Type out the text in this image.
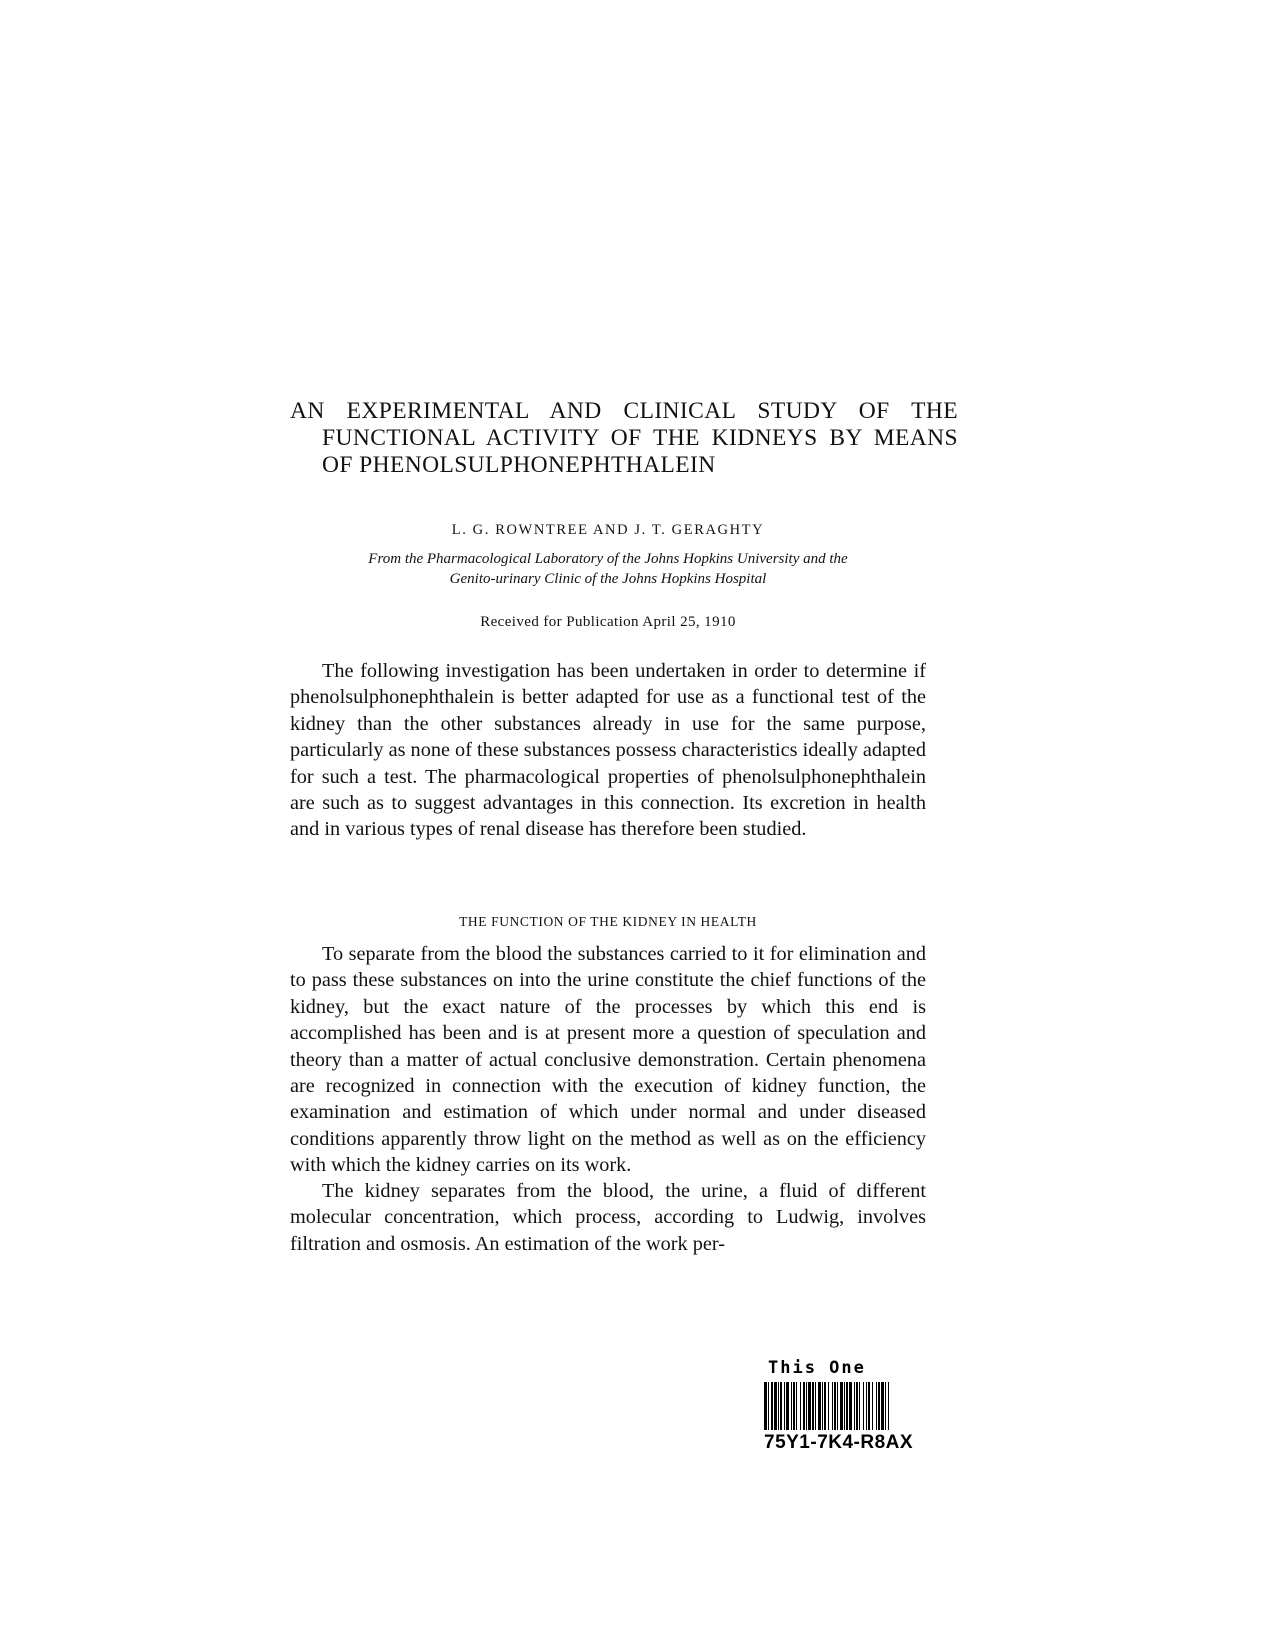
AN EXPERIMENTAL AND CLINICAL STUDY OF THE FUNCTIONAL ACTIVITY OF THE KIDNEYS BY MEANS OF PHENOLSULPHONEPHTHALEIN
L. G. ROWNTREE AND J. T. GERAGHTY
From the Pharmacological Laboratory of the Johns Hopkins University and the
Genito-urinary Clinic of the Johns Hopkins Hospital
Received for Publication April 25, 1910

The following investigation has been undertaken in order to determine if phenolsulphonephthalein is better adapted for use as a functional test of the kidney than the other substances already in use for the same purpose, particularly as none of these substances possess characteristics ideally adapted for such a test. The pharmacological properties of phenolsulphonephthalein are such as to suggest advantages in this connection. Its excretion in health and in various types of renal disease has therefore been studied.

THE FUNCTION OF THE KIDNEY IN HEALTH

To separate from the blood the substances carried to it for elimination and to pass these substances on into the urine constitute the chief functions of the kidney, but the exact nature of the processes by which this end is accomplished has been and is at present more a question of speculation and theory than a matter of actual conclusive demonstration. Certain phenomena are recognized in connection with the execution of kidney function, the examination and estimation of which under normal and under diseased conditions apparently throw light on the method as well as on the efficiency with which the kidney carries on its work.

The kidney separates from the blood, the urine, a fluid of different molecular concentration, which process, according to Ludwig, involves filtration and osmosis. An estimation of the work per-

This One
75Y1-7K4-R8AX
